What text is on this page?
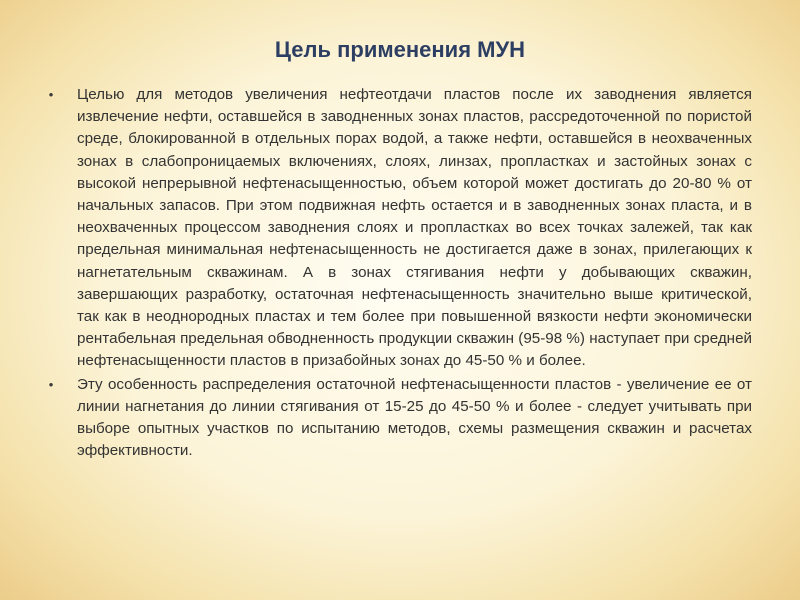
Цель применения МУН
•	Целью для методов увеличения нефтеотдачи пластов после их заводнения является извлечение нефти, оставшейся в заводненных зонах пластов, рассредоточенной по пористой среде, блокированной в отдельных порах водой, а также нефти, оставшейся в неохваченных зонах в слабопроницаемых включениях, слоях, линзах, пропластках и застойных зонах с высокой непрерывной нефтенасыщенностью, объем которой может достигать до 20-80 % от начальных запасов. При этом подвижная нефть остается и в заводненных зонах пласта, и в неохваченных процессом заводнения слоях и пропластках во всех точках залежей, так как предельная минимальная нефтенасыщенность не достигается даже в зонах, прилегающих к нагнетательным скважинам. А в зонах стягивания нефти у добывающих скважин, завершающих разработку, остаточная нефтенасыщенность значительно выше критической, так как в неоднородных пластах и тем более при повышенной вязкости нефти экономически рентабельная предельная обводненность продукции скважин (95-98 %) наступает при средней нефтенасыщенности пластов в призабойных зонах до 45-50 % и более.
•	Эту особенность распределения остаточной нефтенасыщенности пластов - увеличение ее от линии нагнетания до линии стягивания от 15-25 до 45-50 % и более - следует учитывать при выборе опытных участков по испытанию методов, схемы размещения скважин и расчетах эффективности.
